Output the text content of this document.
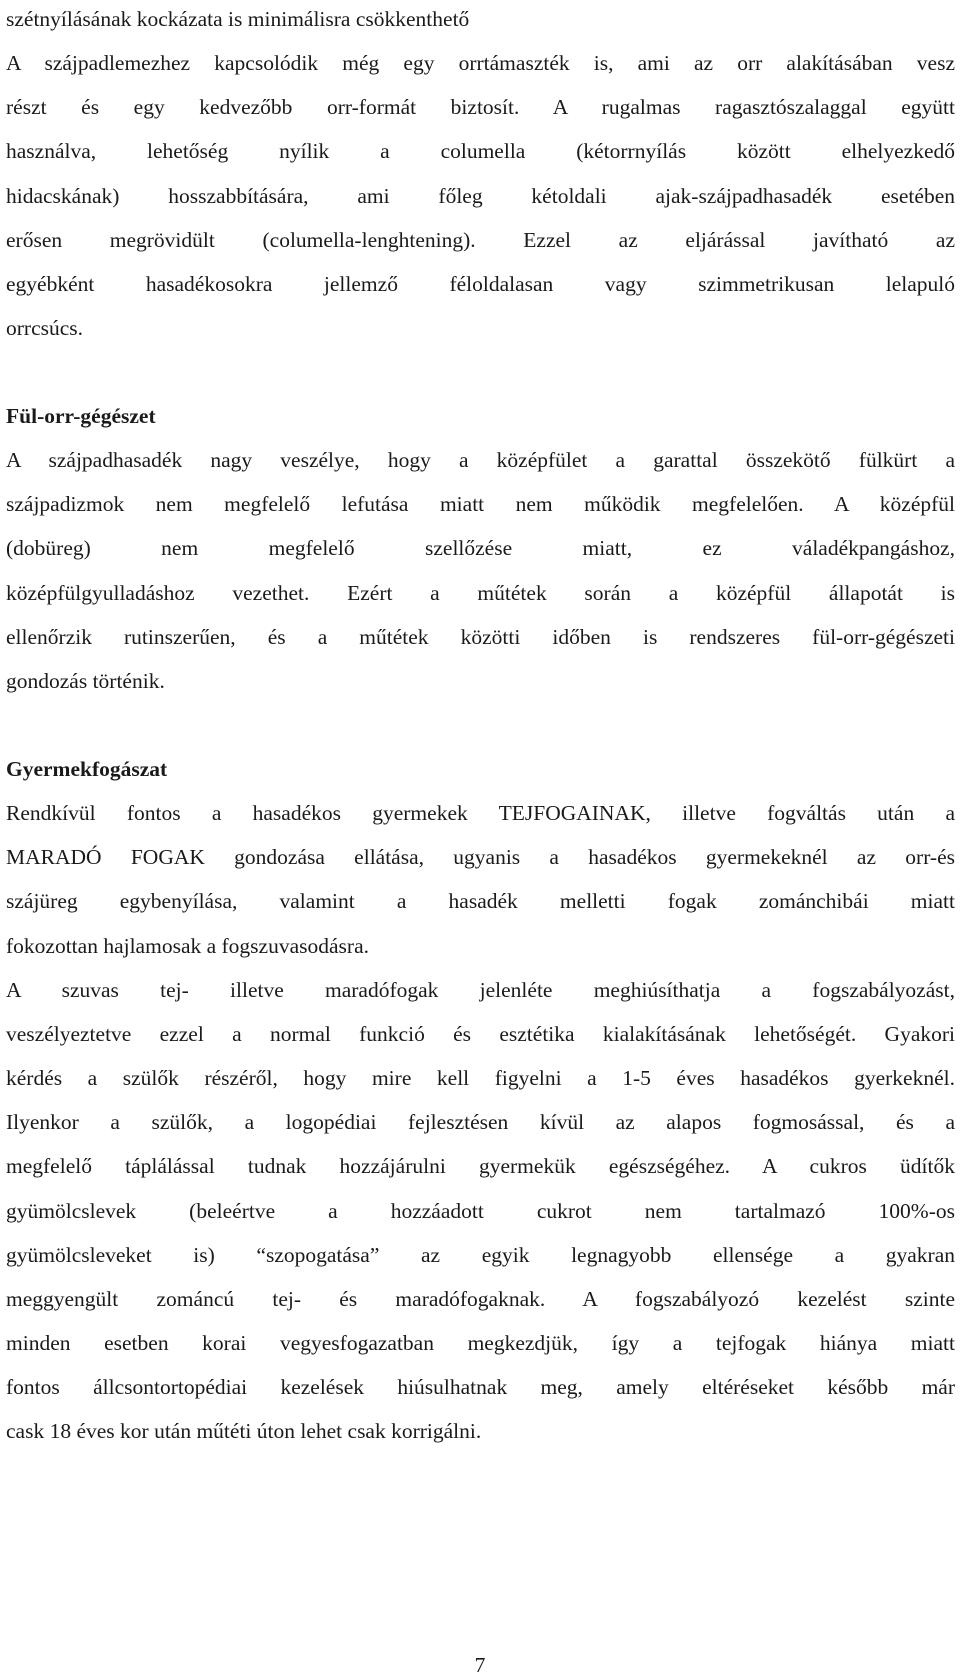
szétnyílásának kockázata is minimálisra csökkenthető
A szájpadlemezhez kapcsolódik még egy orrtámaszték is, ami az orr alakításában vesz
részt és egy kedvezőbb orr-formát biztosít. A rugalmas ragasztószalaggal együtt
használva, lehetőség nyílik a columella (kétorrnyílás között elhelyezkedő
hidacskának) hosszabbítására, ami főleg kétoldali ajak-szájpadhasadék esetében
erősen megrövidült (columella-lenghtening). Ezzel az eljárással javítható az
egyébként hasadékosokra jellemző féloldalasan vagy szimmetrikusan lelapuló
orrcsúcs.
Fül-orr-gégészet
A szájpadhasadék nagy veszélye, hogy a középfület a garattal összekötő fülkürt a
szájpadizmok nem megfelelő lefutása miatt nem működik megfelelően. A középfül
(dobüreg) nem megfelelő szellőzése miatt, ez váladékpangáshoz,
középfülgyulladáshoz vezethet. Ezért a műtétek során a középfül állapotát is
ellenőrzik rutinszerűen, és a műtétek közötti időben is rendszeres fül-orr-gégészeti
gondozás történik.
Gyermekfogászat
Rendkívül fontos a hasadékos gyermekek TEJFOGAINAK, illetve fogváltás után a
MARADÓ FOGAK gondozása ellátása, ugyanis a hasadékos gyermekeknél az orr-és
szájüreg egybenyílása, valamint a hasadék melletti fogak zománchibái miatt
fokozottan hajlamosak a fogszuvasodásra.
A szuvas tej- illetve maradófogak jelenléte meghiúsíthatja a fogszabályozást,
veszélyeztetve ezzel a normal funkció és esztétika kialakításának lehetőségét. Gyakori
kérdés a szülők részéről, hogy mire kell figyelni a 1-5 éves hasadékos gyerkeknél.
Ilyenkor a szülők, a logopédiai fejlesztésen kívül az alapos fogmosással, és a
megfelelő táplálással tudnak hozzájárulni gyermekük egészségéhez. A cukros üdítők
gyümölcslevek (beleértve a hozzáadott cukrot nem tartalmazó 100%-os
gyümölcsleveket is) “szopogatása” az egyik legnagyobb ellensége a gyakran
meggyengült zománcú tej- és maradófogaknak. A fogszabályozó kezelést szinte
minden esetben korai vegyesfogazatban megkezdjük, így a tejfogak hiánya miatt
fontos állcsontortopédiai kezelések hiúsulhatnak meg, amely eltéréseket később már
cask 18 éves kor után műtéti úton lehet csak korrigálni.
7
